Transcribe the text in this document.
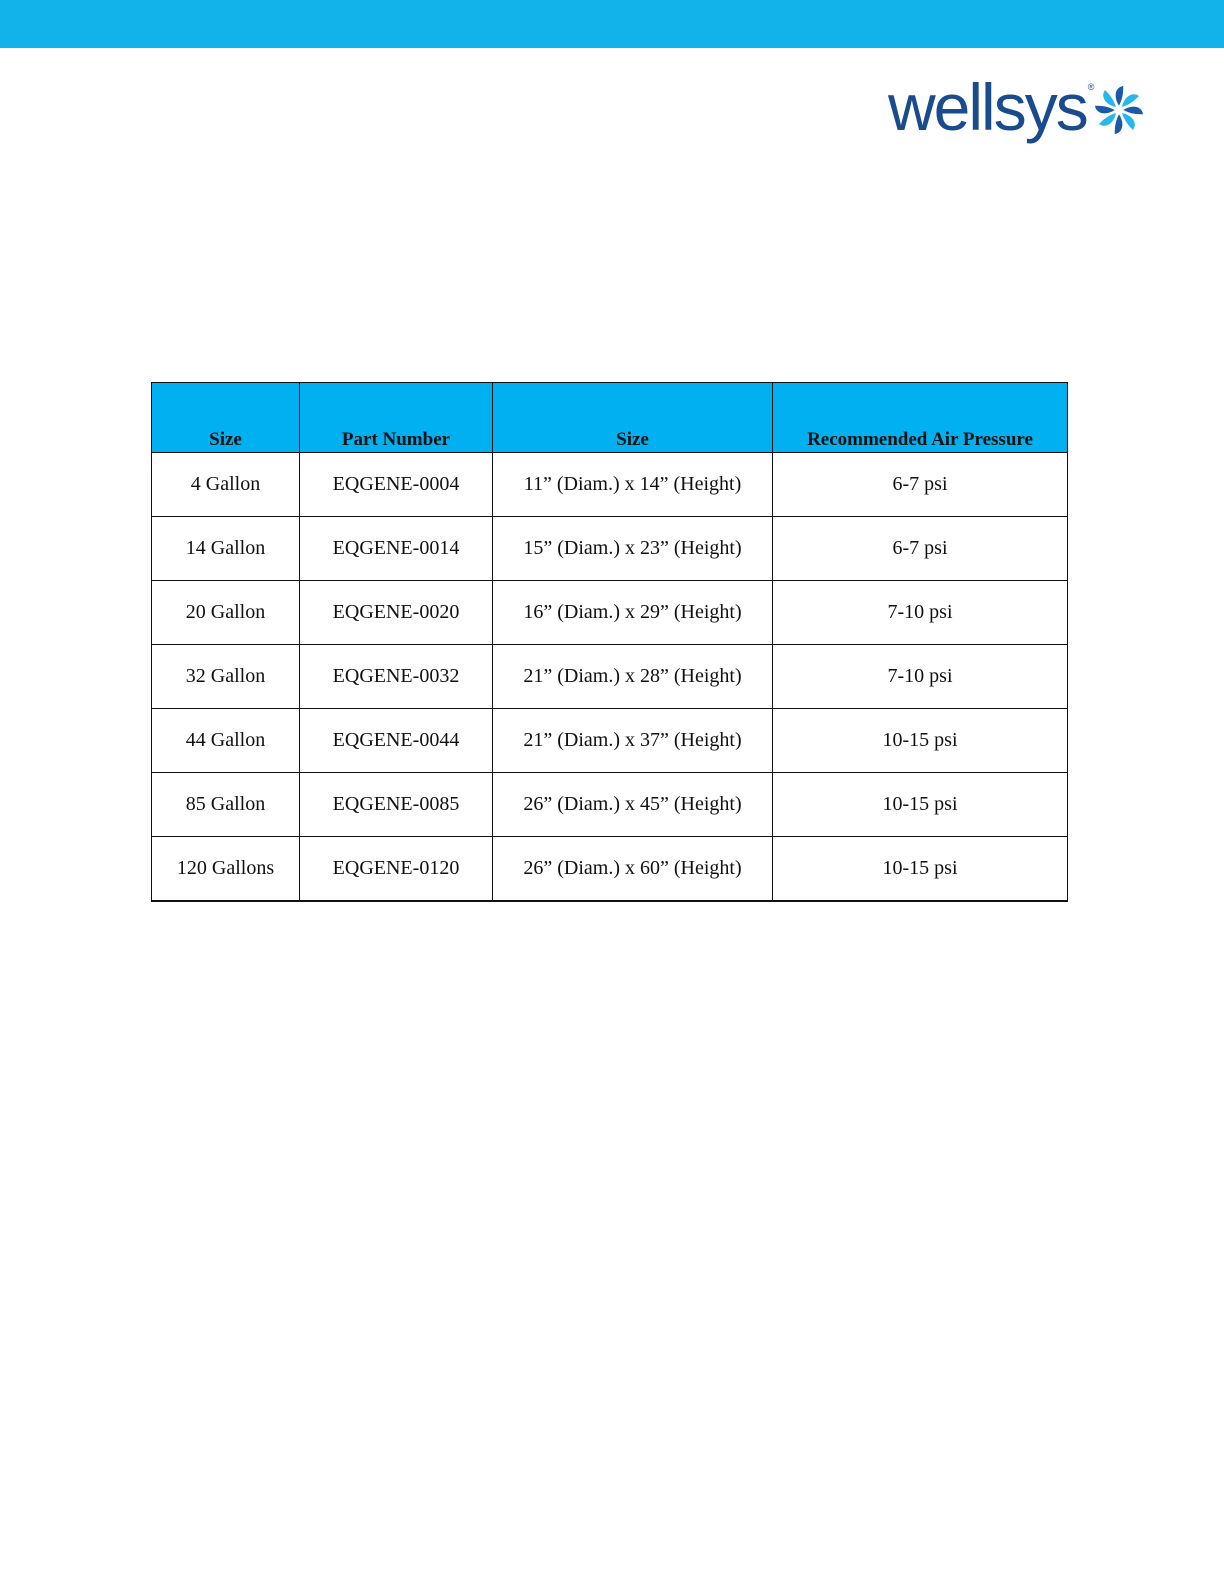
wellsys ®
Size	Part Number	Size	Recommended Air Pressure
4 Gallon	EQGENE-0004	11” (Diam.) x 14” (Height)	6-7 psi
14 Gallon	EQGENE-0014	15” (Diam.) x 23” (Height)	6-7 psi
20 Gallon	EQGENE-0020	16” (Diam.) x 29” (Height)	7-10 psi
32 Gallon	EQGENE-0032	21” (Diam.) x 28” (Height)	7-10 psi
44 Gallon	EQGENE-0044	21” (Diam.) x 37” (Height)	10-15 psi
85 Gallon	EQGENE-0085	26” (Diam.) x 45” (Height)	10-15 psi
120 Gallons	EQGENE-0120	26” (Diam.) x 60” (Height)	10-15 psi
